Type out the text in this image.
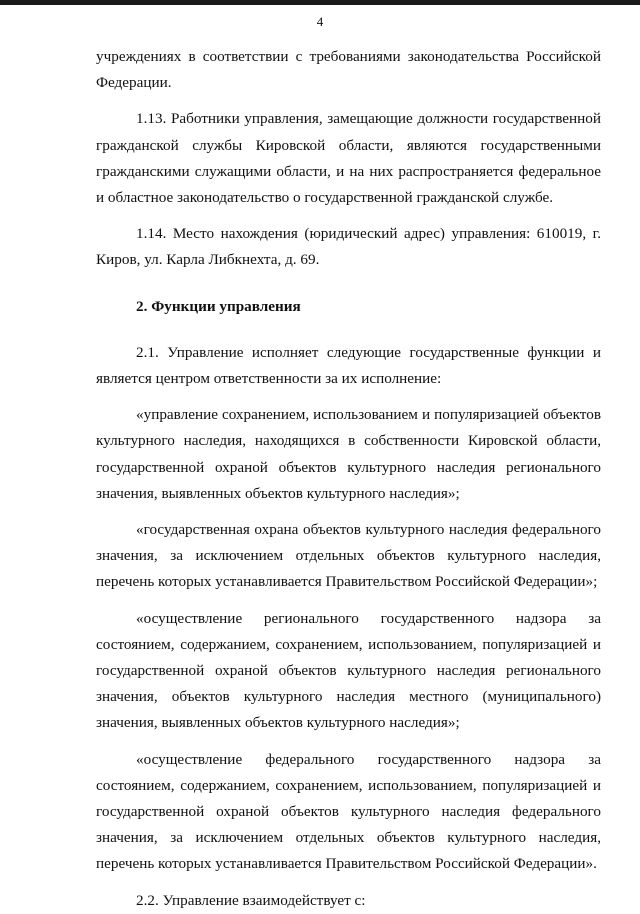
4

учреждениях в соответствии с требованиями законодательства Российской Федерации.

1.13. Работники управления, замещающие должности государственной гражданской службы Кировской области, являются государственными гражданскими служащими области, и на них распространяется федеральное и областное законодательство о государственной гражданской службе.

1.14. Место нахождения (юридический адрес) управления: 610019, г. Киров, ул. Карла Либкнехта, д. 69.

2. Функции управления

2.1. Управление исполняет следующие государственные функции и является центром ответственности за их исполнение:

«управление сохранением, использованием и популяризацией объектов культурного наследия, находящихся в собственности Кировской области, государственной охраной объектов культурного наследия регионального значения, выявленных объектов культурного наследия»;

«государственная охрана объектов культурного наследия федерального значения, за исключением отдельных объектов культурного наследия, перечень которых устанавливается Правительством Российской Федерации»;

«осуществление регионального государственного надзора за состоянием, содержанием, сохранением, использованием, популяризацией и государственной охраной объектов культурного наследия регионального значения, объектов культурного наследия местного (муниципального) значения, выявленных объектов культурного наследия»;

«осуществление федерального государственного надзора за состоянием, содержанием, сохранением, использованием, популяризацией и государственной охраной объектов культурного наследия федерального значения, за исключением отдельных объектов культурного наследия, перечень которых устанавливается Правительством Российской Федерации».

2.2. Управление взаимодействует с:
